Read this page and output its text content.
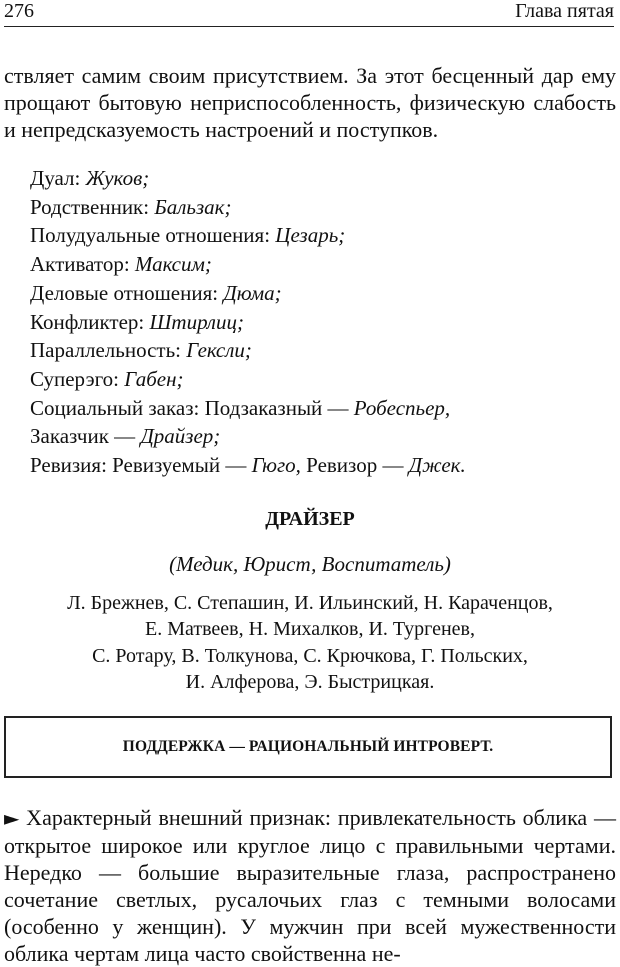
276	Глава пятая

ствляет самим своим присутствием. За этот бесценный дар ему прощают бытовую неприспособленность, физическую слабость и непредсказуемость настроений и поступков.

Дуал: Жуков;
Родственник: Бальзак;
Полудуальные отношения: Цезарь;
Активатор: Максим;
Деловые отношения: Дюма;
Конфликтер: Штирлиц;
Параллельность: Гексли;
Суперэго: Габен;
Социальный заказ: Подзаказный — Робеспьер,
Заказчик — Драйзер;
Ревизия: Ревизуемый — Гюго, Ревизор — Джек.

ДРАЙЗЕР

(Медик, Юрист, Воспитатель)

Л. Брежнев, С. Степашин, И. Ильинский, Н. Караченцов,
Е. Матвеев, Н. Михалков, И. Тургенев,
С. Ротару, В. Толкунова, С. Крючкова, Г. Польских,
И. Алферова, Э. Быстрицкая.

ПОДДЕРЖКА — РАЦИОНАЛЬНЫЙ ИНТРОВЕРТ.

► Характерный внешний признак: привлекательность облика — открытое широкое или круглое лицо с правильными чертами. Нередко — большие выразительные глаза, распространено сочетание светлых, русалочьих глаз с темными волосами (особенно у женщин). У мужчин при всей мужественности облика чертам лица часто свойственна не-
